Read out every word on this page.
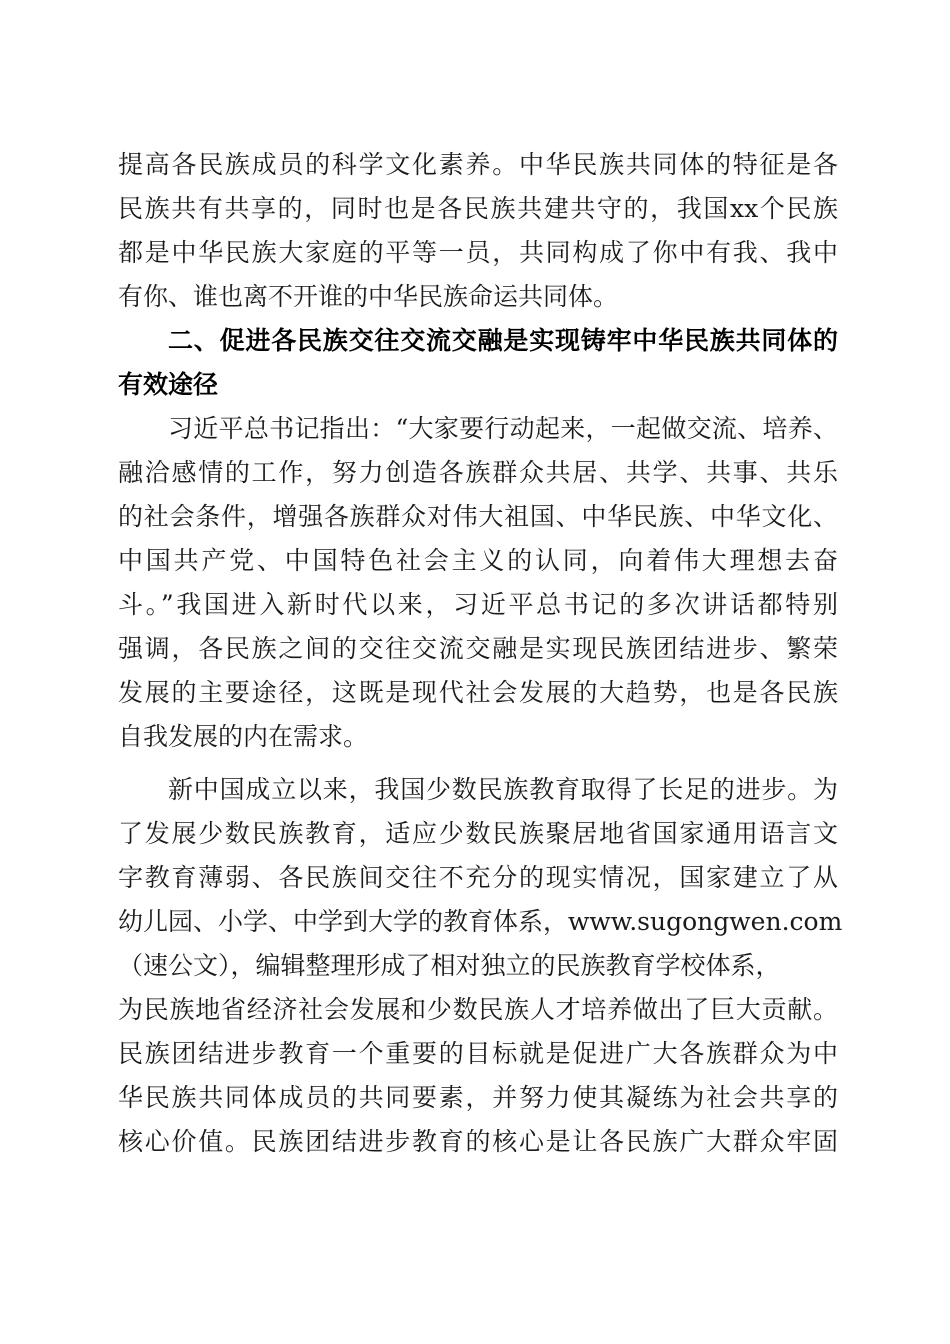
提高各民族成员的科学文化素养。中华民族共同体的特征是各
民族共有共享的，同时也是各民族共建共守的，我国xx个民族
都是中华民族大家庭的平等一员，共同构成了你中有我、我中
有你、谁也离不开谁的中华民族命运共同体。
二、促进各民族交往交流交融是实现铸牢中华民族共同体的
有效途径
习近平总书记指出：“大家要行动起来，一起做交流、培养、
融洽感情的工作，努力创造各族群众共居、共学、共事、共乐
的社会条件，增强各族群众对伟大祖国、中华民族、中华文化、
中国共产党、中国特色社会主义的认同，向着伟大理想去奋
斗。”我国进入新时代以来，习近平总书记的多次讲话都特别
强调，各民族之间的交往交流交融是实现民族团结进步、繁荣
发展的主要途径，这既是现代社会发展的大趋势，也是各民族
自我发展的内在需求。
新中国成立以来，我国少数民族教育取得了长足的进步。为
了发展少数民族教育，适应少数民族聚居地省国家通用语言文
字教育薄弱、各民族间交往不充分的现实情况，国家建立了从
幼儿园、小学、中学到大学的教育体系，www.sugongwen.com
（速公文），编辑整理形成了相对独立的民族教育学校体系，
为民族地省经济社会发展和少数民族人才培养做出了巨大贡献。
民族团结进步教育一个重要的目标就是促进广大各族群众为中
华民族共同体成员的共同要素，并努力使其凝练为社会共享的
核心价值。民族团结进步教育的核心是让各民族广大群众牢固
